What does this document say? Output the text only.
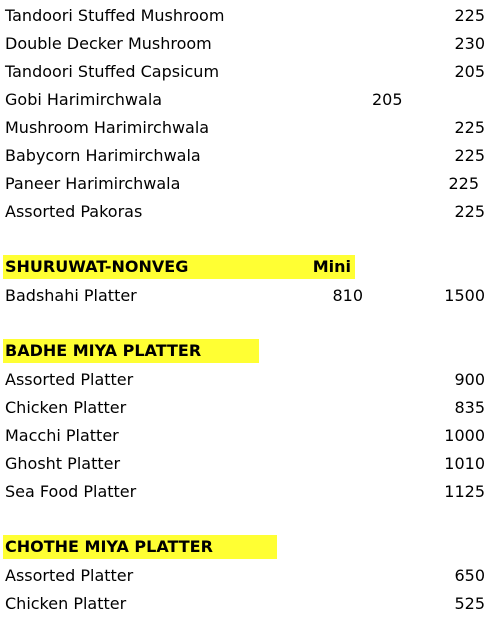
Tandoori Stuffed Mushroom	225
Double Decker Mushroom	230
Tandoori Stuffed Capsicum	205
Gobi Harimirchwala	205
Mushroom Harimirchwala	225
Babycorn Harimirchwala	225
Paneer Harimirchwala	225
Assorted Pakoras	225
SHURUWAT-NONVEG	Mini
Badshahi Platter	810	1500
BADHE MIYA PLATTER
Assorted Platter	900
Chicken Platter	835
Macchi Platter	1000
Ghosht Platter	1010
Sea Food Platter	1125
CHOTHE MIYA PLATTER
Assorted Platter	650
Chicken Platter	525
